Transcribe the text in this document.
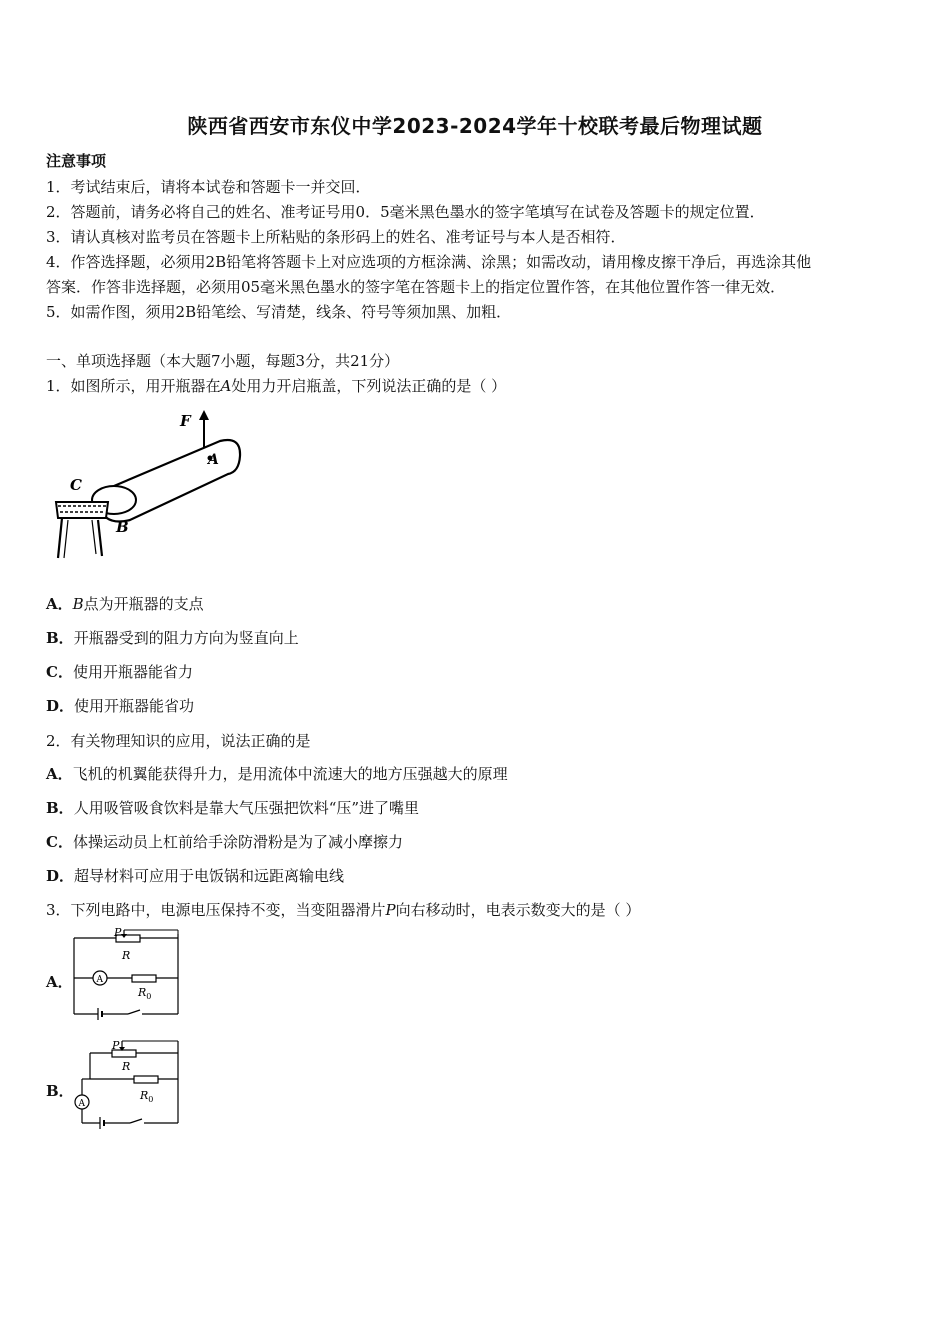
陕西省西安市东仪中学2023-2024学年十校联考最后物理试题
注意事项
1．考试结束后，请将本试卷和答题卡一并交回．
2．答题前，请务必将自己的姓名、准考证号用0．5毫米黑色墨水的签字笔填写在试卷及答题卡的规定位置．
3．请认真核对监考员在答题卡上所粘贴的条形码上的姓名、准考证号与本人是否相符．
4．作答选择题，必须用2B铅笔将答题卡上对应选项的方框涂满、涂黑；如需改动，请用橡皮擦干净后，再选涂其他
答案．作答非选择题，必须用05毫米黑色墨水的签字笔在答题卡上的指定位置作答，在其他位置作答一律无效．
5．如需作图，须用2B铅笔绘、写清楚，线条、符号等须加黑、加粗．
一、单项选择题（本大题7小题，每题3分，共21分）
1．如图所示，用开瓶器在A处用力开启瓶盖，下列说法正确的是（ ）
F
A
C
B
A．B点为开瓶器的支点
B．开瓶器受到的阻力方向为竖直向上
C．使用开瓶器能省力
D．使用开瓶器能省功
2．有关物理知识的应用，说法正确的是
A．飞机的机翼能获得升力，是用流体中流速大的地方压强越大的原理
B．人用吸管吸食饮料是靠大气压强把饮料“压”进了嘴里
C．体操运动员上杠前给手涂防滑粉是为了减小摩擦力
D．超导材料可应用于电饭锅和远距离输电线
3．下列电路中，电源电压保持不变，当变阻器滑片P向右移动时，电表示数变大的是（ ）
A．
P
R
A
$R_0$
B．
P
R
$R_0$
A
